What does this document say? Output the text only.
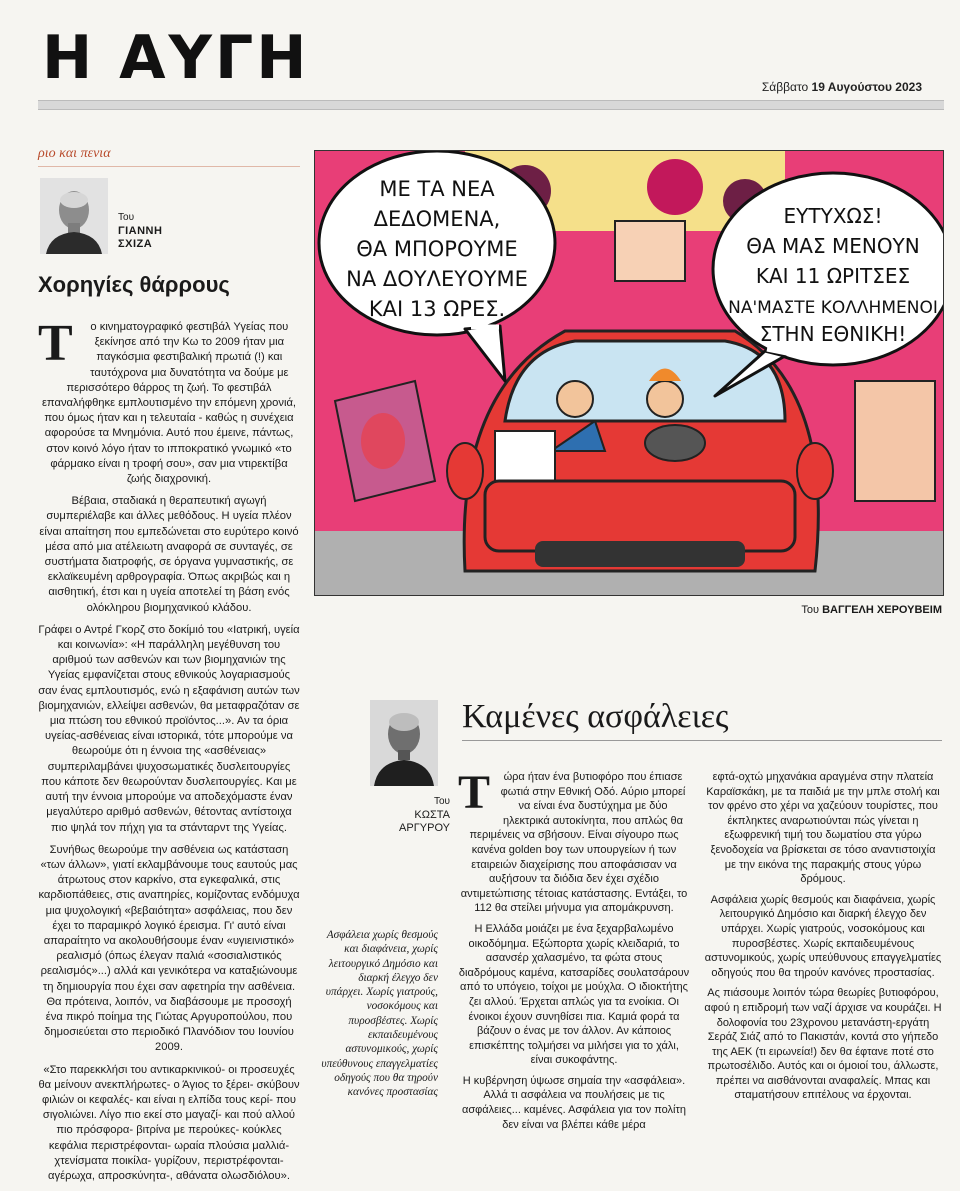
Η ΑΥΓΗ	Σάββατο 19 Αυγούστου 2023
ριο και πενια
Του
ΓΙΑΝΝΗ
ΣΧΙΖΑ
Χορηγίες θάρρους

Τ ο κινηματογραφικό φεστιβάλ Υγείας που ξεκίνησε από την Κω το 2009 ήταν μια παγκόσμια φεστιβαλική πρωτιά (!) και ταυτόχρονα μια δυνατότητα να δούμε με περισσότερο θάρρος τη ζωή. Το φεστιβάλ επαναλήφθηκε εμπλουτισμένο την επόμενη χρονιά, που όμως ήταν και η τελευταία - καθώς η συνέχεια αφορούσε τα Μνημόνια. Αυτό που έμεινε, πάντως, στον κοινό λόγο ήταν το ιπποκρατικό γνωμικό «το φάρμακο είναι η τροφή σου», σαν μια ντιρεκτίβα ζωής διαχρονική.

Βέβαια, σταδιακά η θεραπευτική αγωγή συμπεριέλαβε και άλλες μεθόδους. Η υγεία πλέον είναι απαίτηση που εμπεδώνεται στο ευρύτερο κοινό μέσα από μια ατέλειωτη αναφορά σε συνταγές, σε συστήματα διατροφής, σε όργανα γυμναστικής, σε εκλαϊκευμένη αρθρογραφία. Όπως ακριβώς και η αισθητική, έτσι και η υγεία αποτελεί τη βάση ενός ολόκληρου βιομηχανικού κλάδου.

Γράφει ο Αντρέ Γκορζ στο δοκίμιό του «Ιατρική, υγεία και κοινωνία»: «Η παράλληλη μεγέθυνση του αριθμού των ασθενών και των βιομηχανιών της Υγείας εμφανίζεται στους εθνικούς λογαριασμούς σαν ένας εμπλουτισμός, ενώ η εξαφάνιση αυτών των βιομηχανιών, ελλείψει ασθενών, θα μεταφραζόταν σε μια πτώση του εθνικού προϊόντος...». Αν τα όρια υγείας-ασθένειας είναι ιστορικά, τότε μπορούμε να θεωρούμε ότι η έννοια της «ασθένειας» συμπεριλαμβάνει ψυχοσωματικές δυσλειτουργίες που κάποτε δεν θεωρούνταν δυσλειτουργίες. Και με αυτή την έννοια μπορούμε να αποδεχόμαστε έναν μεγαλύτερο αριθμό ασθενών, θέτοντας αντίστοιχα πιο ψηλά τον πήχη για τα στάνταρντ της Υγείας.

Συνήθως θεωρούμε την ασθένεια ως κατάσταση «των άλλων», γιατί εκλαμβάνουμε τους εαυτούς μας άτρωτους στον καρκίνο, στα εγκεφαλικά, στις καρδιοπάθειες, στις αναπηρίες, κομίζοντας ενδόμυχα μια ψυχολογική «βεβαιότητα» ασφάλειας, που δεν έχει το παραμικρό λογικό έρεισμα. Γι' αυτό είναι απαραίτητο να ακολουθήσουμε έναν «υγιεινιστικό» ρεαλισμό (όπως έλεγαν παλιά «σοσιαλιστικός ρεαλισμός»...) αλλά και γενικότερα να καταξιώνουμε τη δημιουργία που έχει σαν αφετηρία την ασθένεια. Θα πρότεινα, λοιπόν, να διαβάσουμε με προσοχή ένα πικρό ποίημα της Γιώτας Αργυροπούλου, που δημοσιεύεται στο περιοδικό Πλανόδιον του Ιουνίου 2009.

«Στο παρεκκλήσι του αντικαρκινικού- οι προσευχές θα μείνουν ανεκπλήρωτες- ο Άγιος το ξέρει- σκύβουν φιλιών οι κεφαλές- και είναι η ελπίδα τους κερί- που σιγολιώνει. Λίγο πιο εκεί στο μαγαζί- και πού αλλού πιο πρόσφορα- βιτρίνα με περούκες- κούκλες κεφάλια περιστρέφονται- ωραία πλούσια μαλλιά- χτενίσματα ποικίλα- γυρίζουν, περιστρέφονται- αγέρωχα, απροσκύνητα-, αθάνατα ολωσδιόλου».

ΜΕ ΤΑ ΝΕΑ
ΔΕΔΟΜΕΝΑ,
ΘΑ ΜΠΟΡΟΥΜΕ
ΝΑ ΔΟΥΛΕΥΟΥΜΕ
ΚΑΙ 13 ΩΡΕΣ.
ΕΥΤΥΧΩΣ!
ΘΑ ΜΑΣ ΜΕΝΟΥΝ
ΚΑΙ 11 ΩΡΙΤΣΕΣ
ΝΑ'ΜΑΣΤΕ ΚΟΛΛΗΜΕΝΟΙ
ΣΤΗΝ ΕΘΝΙΚΗ!
Του ΒΑΓΓΕΛΗ ΧΕΡΟΥΒΕΙΜ
Του
ΚΩΣΤΑ
ΑΡΓΥΡΟΥ
Καμένες ασφάλειες
Ασφάλεια χωρίς θεσμούς και διαφάνεια, χωρίς λειτουργικό Δημόσιο και διαρκή έλεγχο δεν υπάρχει. Χωρίς γιατρούς, νοσοκόμους και πυροσβέστες. Χωρίς εκπαιδευμένους αστυνομικούς, χωρίς υπεύθυνους επαγγελματίες οδηγούς που θα τηρούν κανόνες προστασίας

Τ ώρα ήταν ένα βυτιοφόρο που έπιασε φωτιά στην Εθνική Οδό. Αύριο μπορεί να είναι ένα δυστύχημα με δύο ηλεκτρικά αυτοκίνητα, που απλώς θα περιμένεις να σβήσουν. Είναι σίγουρο πως κανένα golden boy των υπουργείων ή των εταιρειών διαχείρισης που αποφάσισαν να αυξήσουν τα διόδια δεν έχει σχέδιο αντιμετώπισης τέτοιας κατάστασης. Εντάξει, το 112 θα στείλει μήνυμα για απομάκρυνση.

Η Ελλάδα μοιάζει με ένα ξεχαρβαλωμένο οικοδόμημα. Εξώπορτα χωρίς κλειδαριά, το ασανσέρ χαλασμένο, τα φώτα στους διαδρόμους καμένα, κατσαρίδες σουλατσάρουν από το υπόγειο, τοίχοι με μούχλα. Ο ιδιοκτήτης ζει αλλού. Έρχεται απλώς για τα ενοίκια. Οι ένοικοι έχουν συνηθίσει πια. Καμιά φορά τα βάζουν ο ένας με τον άλλον. Αν κάποιος επισκέπτης τολμήσει να μιλήσει για το χάλι, είναι συκοφάντης.

Η κυβέρνηση ύψωσε σημαία την «ασφάλεια». Αλλά τι ασφάλεια να πουλήσεις με τις ασφάλειες... καμένες. Ασφάλεια για τον πολίτη δεν είναι να βλέπει κάθε μέρα

εφτά-οχτώ μηχανάκια αραγμένα στην πλατεία Καραϊσκάκη, με τα παιδιά με την μπλε στολή και τον φρένο στο χέρι να χαζεύουν τουρίστες, που έκπληκτες αναρωτιούνται πώς γίνεται η εξωφρενική τιμή του δωματίου στα γύρω ξενοδοχεία να βρίσκεται σε τόσο αναντιστοιχία με την εικόνα της παρακμής στους γύρω δρόμους.

Ασφάλεια χωρίς θεσμούς και διαφάνεια, χωρίς λειτουργικό Δημόσιο και διαρκή έλεγχο δεν υπάρχει. Χωρίς γιατρούς, νοσοκόμους και πυροσβέστες. Χωρίς εκπαιδευμένους αστυνομικούς, χωρίς υπεύθυνους επαγγελματίες οδηγούς που θα τηρούν κανόνες προστασίας.

Ας πιάσουμε λοιπόν τώρα θεωρίες βυτιοφόρου, αφού η επιδρομή των ναζί άρχισε να κουράζει. Η δολοφονία του 23χρονου μετανάστη-εργάτη Σεράζ Σιάζ από το Πακιστάν, κοντά στο γήπεδο της ΑΕΚ (τι ειρωνεία!) δεν θα έφτανε ποτέ στο πρωτοσέλιδο. Αυτός και οι όμοιοί του, άλλωστε, πρέπει να αισθάνονται αναφαλείς. Μπας και σταματήσουν επιτέλους να έρχονται.
